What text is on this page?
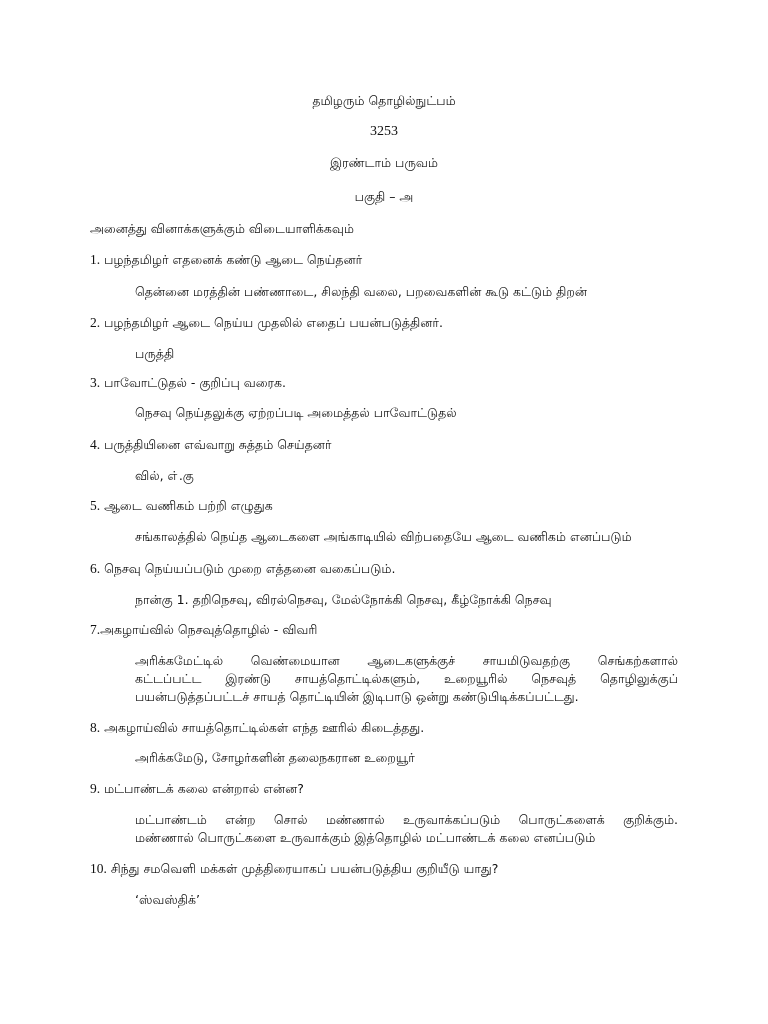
தமிழரும் தொழில்நுட்பம்
3253
இரண்டாம் பருவம்
பகுதி – அ
அனைத்து வினாக்களுக்கும் விடையாளிக்கவும்
1. பழந்தமிழர் எதனைக் கண்டு ஆடை நெய்தனர்
தென்னை மரத்தின் பண்ணாடை, சிலந்தி வலை, பறவைகளின் கூடு கட்டும் திறன்
2. பழந்தமிழர் ஆடை நெய்ய முதலில் எதைப் பயன்படுத்தினர்.
பருத்தி
3. பாவோட்டுதல் - குறிப்பு வரைக.
நெசவு நெய்தலுக்கு ஏற்றப்படி அமைத்தல் பாவோட்டுதல்
4. பருத்தியினை எவ்வாறு சுத்தம் செய்தனர்
வில், எ்.கு
5. ஆடை வணிகம் பற்றி எழுதுக
சங்காலத்தில் நெய்த ஆடைகளை அங்காடியில் விற்பதையே ஆடை வணிகம் எனப்படும்
6. நெசவு நெய்யப்படும் முறை எத்தனை வகைப்படும்.
நான்கு 1. தறிநெசவு, விரல்நெசவு, மேல்நோக்கி நெசவு, கீழ்நோக்கி நெசவு
7.அகழாய்வில் நெசவுத்தொழில் - விவரி
அரிக்கமேட்டில் வெண்மையான ஆடைகளுக்குச் சாயமிடுவதற்கு செங்கற்களால்
கட்டப்பட்ட இரண்டு சாயத்தொட்டில்களும், உறையூரில் நெசவுத் தொழிலுக்குப்
பயன்படுத்தப்பட்டச் சாயத் தொட்டியின் இடிபாடு ஒன்று கண்டுபிடிக்கப்பட்டது.
8. அகழாய்வில் சாயத்தொட்டில்கள் எந்த ஊரில் கிடைத்தது.
அரிக்கமேடு, சோழர்களின் தலைநகரான உறையூர்
9. மட்பாண்டக் கலை என்றால் என்ன?
மட்பாண்டம் என்ற சொல் மண்ணால் உருவாக்கப்படும் பொருட்களைக் குறிக்கும்.
மண்ணால் பொருட்களை உருவாக்கும் இத்தொழில் மட்பாண்டக் கலை எனப்படும்
10. சிந்து சமவெளி மக்கள் முத்திரையாகப் பயன்படுத்திய குறியீடு யாது?
‘ஸ்வஸ்திக்’
